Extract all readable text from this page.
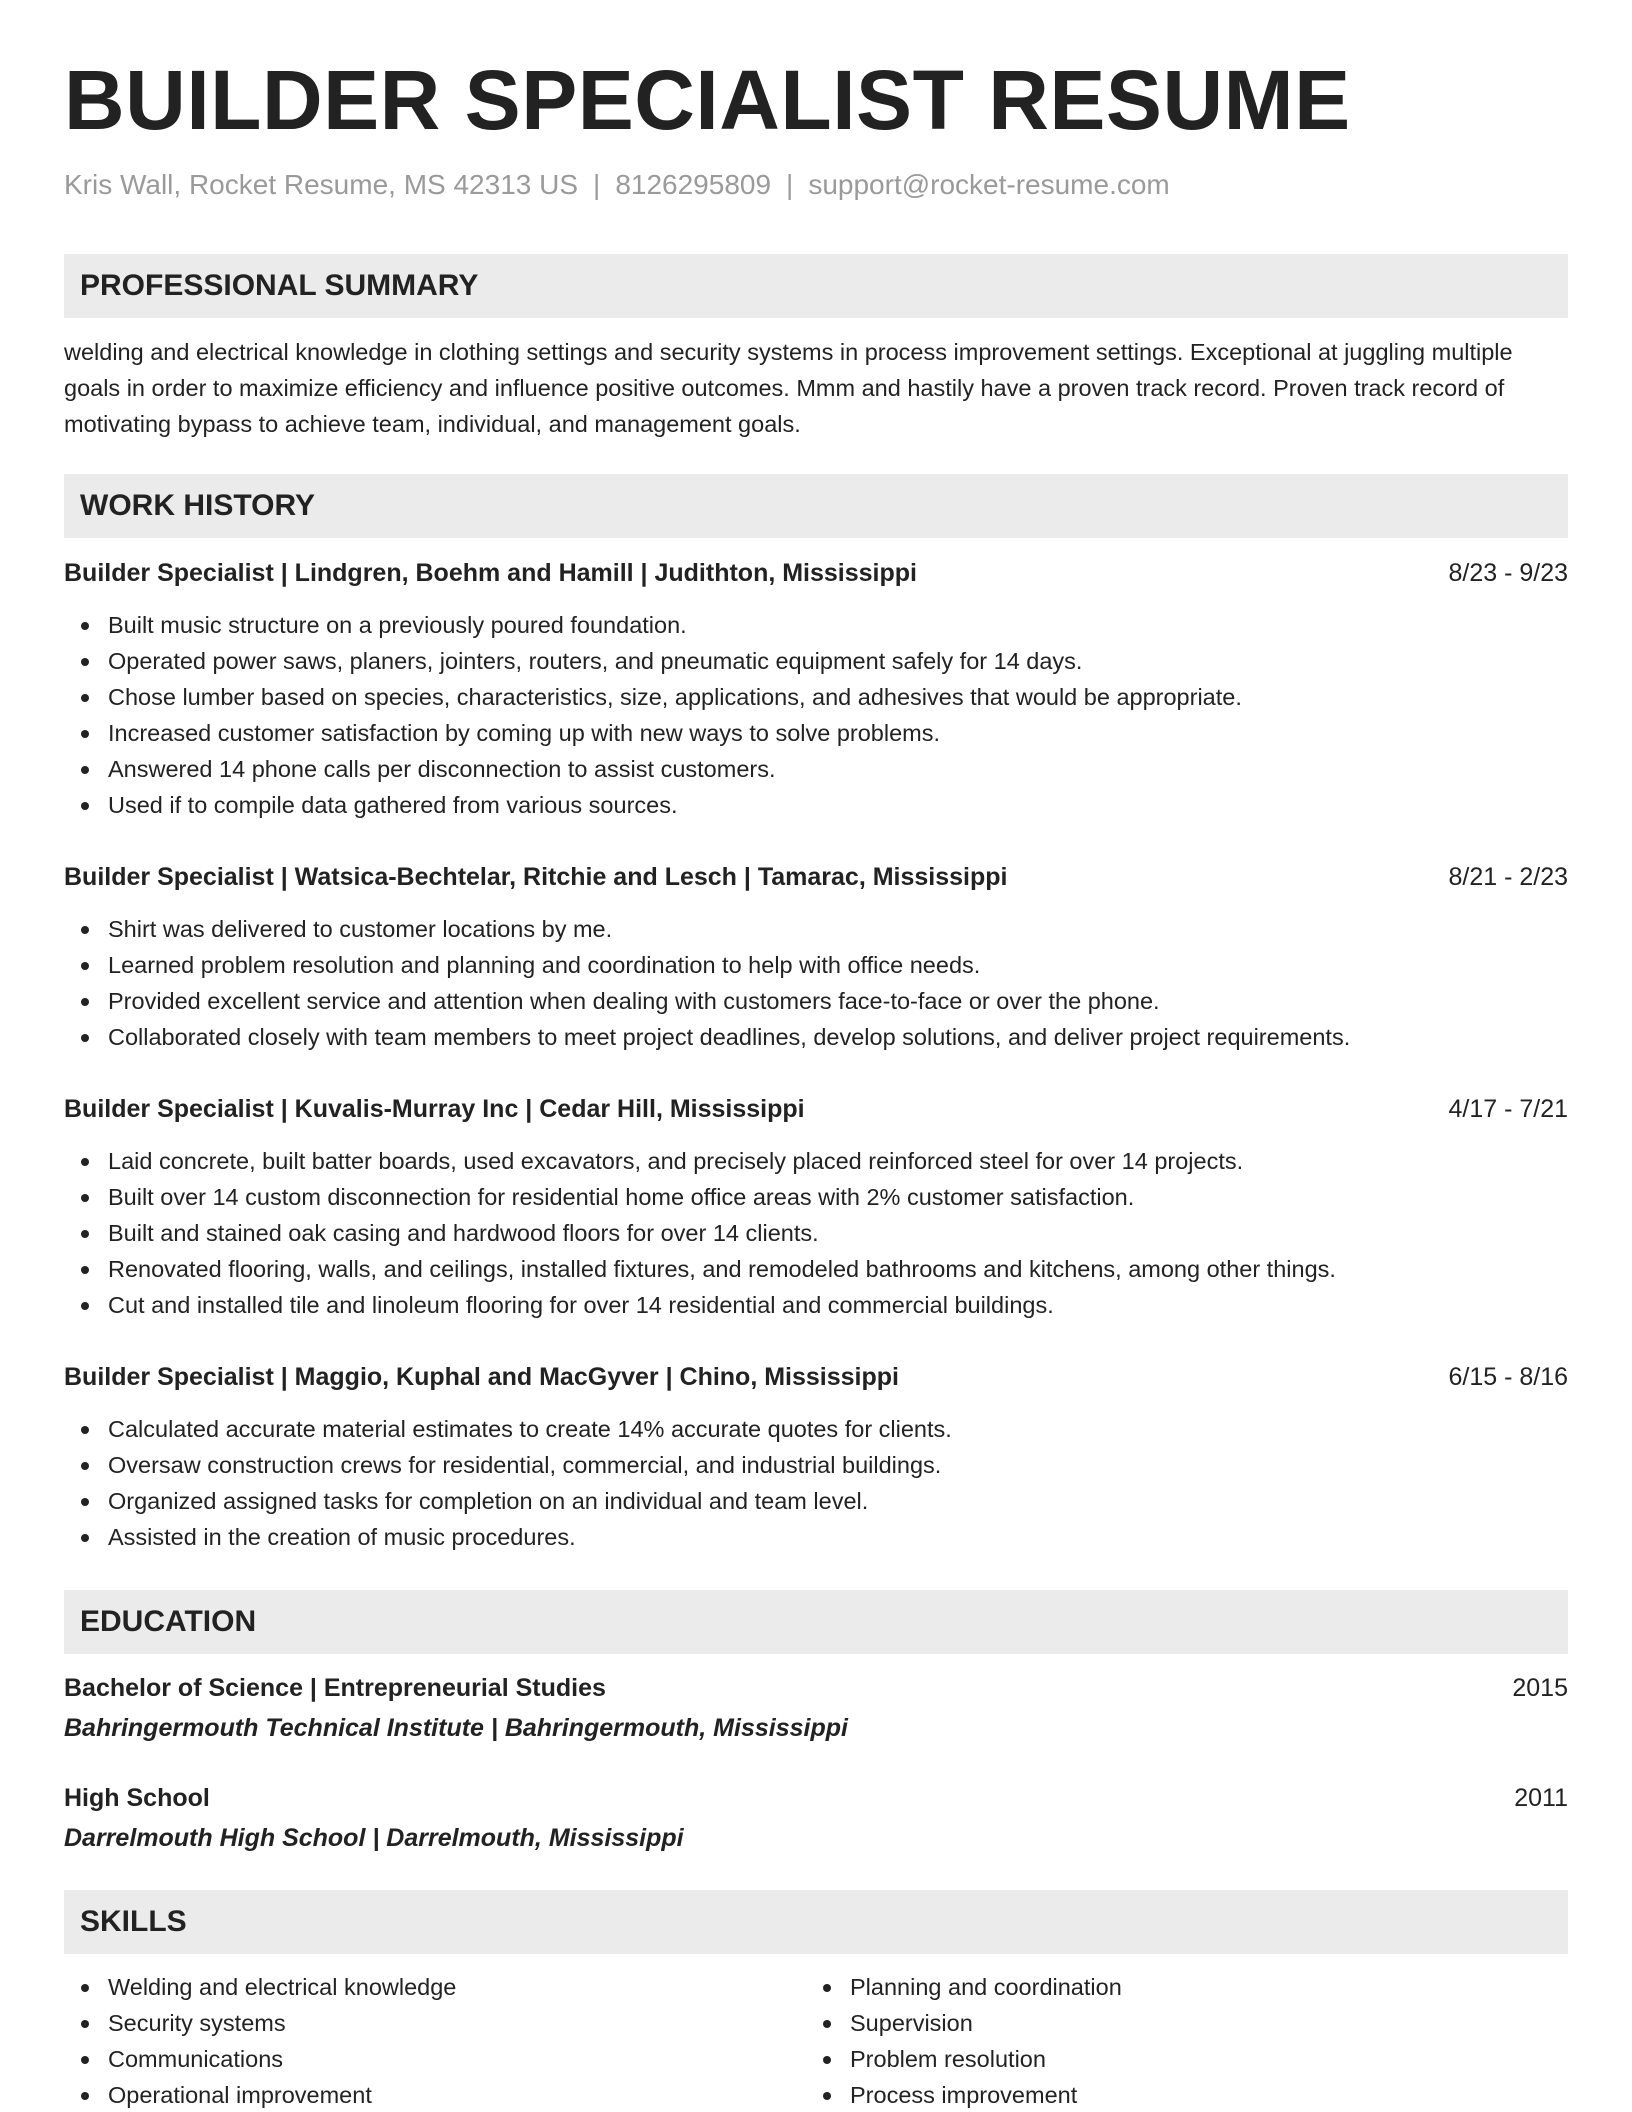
BUILDER SPECIALIST RESUME
Kris Wall, Rocket Resume, MS 42313 US | 8126295809 | support@rocket-resume.com
PROFESSIONAL SUMMARY

welding and electrical knowledge in clothing settings and security systems in process improvement settings. Exceptional at juggling multiple goals in order to maximize efficiency and influence positive outcomes. Mmm and hastily have a proven track record. Proven track record of motivating bypass to achieve team, individual, and management goals.

WORK HISTORY
Builder Specialist | Lindgren, Boehm and Hamill | Judithton, Mississippi	8/23 - 9/23
Built music structure on a previously poured foundation.
Operated power saws, planers, jointers, routers, and pneumatic equipment safely for 14 days.
Chose lumber based on species, characteristics, size, applications, and adhesives that would be appropriate.
Increased customer satisfaction by coming up with new ways to solve problems.
Answered 14 phone calls per disconnection to assist customers.
Used if to compile data gathered from various sources.
Builder Specialist | Watsica-Bechtelar, Ritchie and Lesch | Tamarac, Mississippi	8/21 - 2/23
Shirt was delivered to customer locations by me.
Learned problem resolution and planning and coordination to help with office needs.
Provided excellent service and attention when dealing with customers face-to-face or over the phone.
Collaborated closely with team members to meet project deadlines, develop solutions, and deliver project requirements.
Builder Specialist | Kuvalis-Murray Inc | Cedar Hill, Mississippi	4/17 - 7/21
Laid concrete, built batter boards, used excavators, and precisely placed reinforced steel for over 14 projects.
Built over 14 custom disconnection for residential home office areas with 2% customer satisfaction.
Built and stained oak casing and hardwood floors for over 14 clients.
Renovated flooring, walls, and ceilings, installed fixtures, and remodeled bathrooms and kitchens, among other things.
Cut and installed tile and linoleum flooring for over 14 residential and commercial buildings.
Builder Specialist | Maggio, Kuphal and MacGyver | Chino, Mississippi	6/15 - 8/16
Calculated accurate material estimates to create 14% accurate quotes for clients.
Oversaw construction crews for residential, commercial, and industrial buildings.
Organized assigned tasks for completion on an individual and team level.
Assisted in the creation of music procedures.
EDUCATION
Bachelor of Science | Entrepreneurial Studies	2015
Bahringermouth Technical Institute | Bahringermouth, Mississippi
High School	2011
Darrelmouth High School | Darrelmouth, Mississippi
SKILLS
Welding and electrical knowledge
Security systems
Communications
Operational improvement
Planning and coordination
Supervision
Problem resolution
Process improvement
